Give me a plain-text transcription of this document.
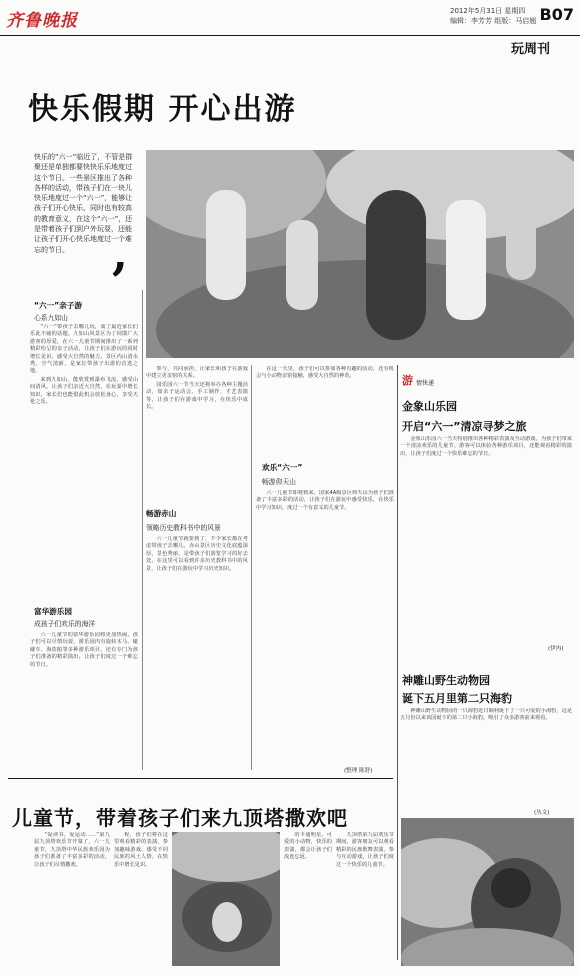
齐鲁晚报	2012年5月31日 星期四
编辑：李芳芳 组版：马启翘 B07
玩周刊
快乐假期 开心出游
快乐的“六一”临近了，不管是群聚还是单独都要快快乐乐地度过这个节日。一些景区推出了各种各样的活动，带孩子们在一块儿快乐地度过一个“六一”，能够让孩子们开心快乐，同时也有较高的教育意义，在这个“六一”，还是带着孩子们到户外玩耍，还能让孩子们开心快乐地度过一个难忘的节日。 ,
“六一”亲子游
心系九如山

“六一”带孩子去哪儿玩，成了最近家长们乐此不疲的话题。九如山风景区为了回馈广大游客的厚爱，在六一儿童节期间推出了一系列精彩纷呈的亲子活动，让孩子们在游玩的同时增长见识，感受大自然的魅力。景区内山清水秀，空气清新，是家长带孩子出游的首选之地。

来到九如山，能欣赏到瀑布飞流，感受山间清风，让孩子们亲近大自然，在玩耍中增长知识，家长们也能借此机会放松身心，享受天伦之乐。

富华游乐园
成孩子们欢乐的海洋

六一儿童节的富华游乐园将更加热闹，孩子们可以尽情玩耍，游乐园内有旋转木马、碰碰车、海盗船等多种游乐项目，还有专门为孩子们准备的精彩演出，让孩子们度过一个难忘的节日。

参与，共同承担，让家长和孩子在游戏中建立更亲密的关系。

园乐园六一节当天还将举办各种主题活动，如亲子运动会、手工制作、才艺表演等，让孩子们在游戏中学习，在快乐中成长。

畅游赤山
领略历史教科书中的风景

六一儿童节就要到了，不少家长都在考虑带孩子去哪儿。赤山景区历史文化底蕴深厚，景色秀丽，是带孩子们游览学习的好去处，在这里可以看到许多历史教科书中的风景，让孩子们在游玩中学习历史知识。

在这一天里，孩子们可以参加各种有趣的活动，还有机会与小动物亲密接触，感受大自然的神奇。

欢乐“六一”
畅游仰天山

六一儿童节即将到来，国家4A级景区仰天山为孩子们准备了丰富多彩的活动，让孩子们在游玩中感受快乐，在快乐中学习知识，度过一个有意义的儿童节。

(整理 陈舒)
游 情快递
金象山乐园
开启“六一”清凉寻梦之旅

金象山乐园六一当天特别推出各种精彩表演及互动游戏，为孩子们带来一个清凉欢乐的儿童节。游客可以体验各种游乐项目，还能观看精彩的演出，让孩子们度过一个快乐难忘的节日。

(伊冉)
神雕山野生动物园
诞下五月里第二只海豹

神雕山野生动物园的一只海豹近日顺利诞下了一只可爱的小海豹，这是五月份以来该园诞下的第二只小海豹，吸引了众多游客前来观看。

(丛文)
儿童节，带着孩子们来九顶塔撒欢吧

“爱读书，爱运动……”第九届九顶塔欢乐节开幕了，六一儿童节，九顶塔中华民族欢乐园为孩子们准备了丰富多彩的活动，让孩子们尽情撒欢。

程，孩子们将在这里观看精彩的表演，参加趣味游戏，感受不同民族的风土人情，在快乐中增长见识。

的卡通明星，可爱的小动物，快乐的表演，都会让孩子们流连忘返。

九顶塔第九届欢乐节期间，游客朋友可以观看精彩的民族歌舞表演，参与互动游戏，让孩子们度过一个快乐的儿童节。
